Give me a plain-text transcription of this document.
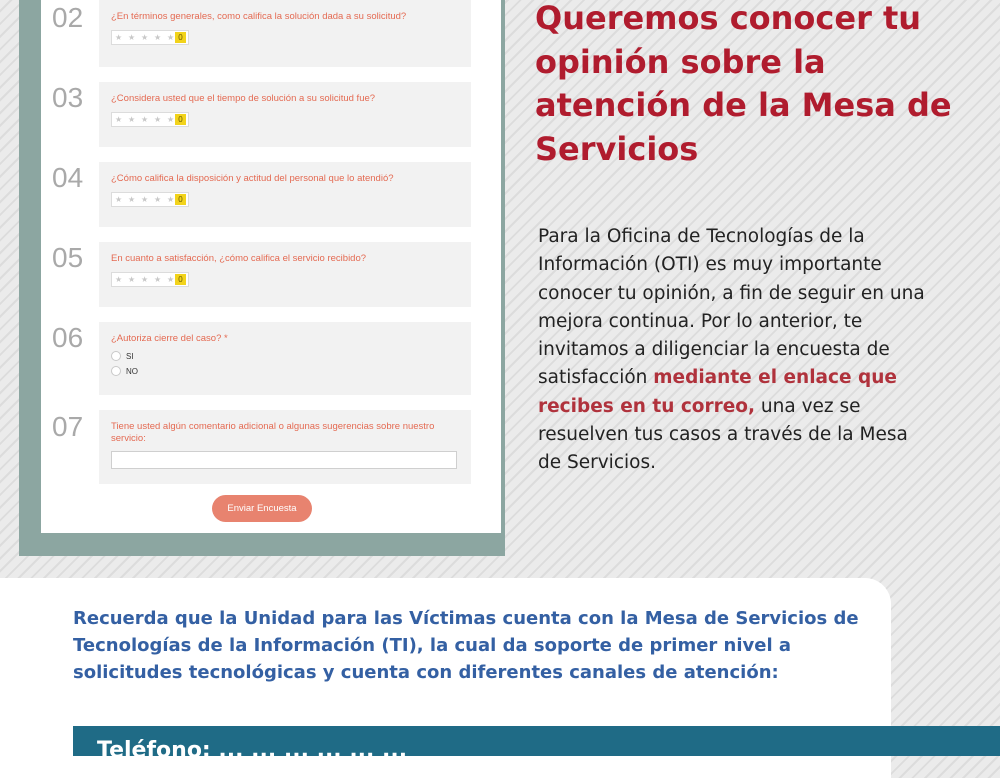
02	¿En términos generales, como califica la solución dada a su solicitud?
★ ★ ★ ★ ★ 0
03	¿Considera usted que el tiempo de solución a su solicitud fue?
★ ★ ★ ★ ★ 0
04	¿Cómo califica la disposición y actitud del personal que lo atendió?
★ ★ ★ ★ ★ 0
05	En cuanto a satisfacción, ¿cómo califica el servicio recibido?
★ ★ ★ ★ ★ 0
06	¿Autoriza cierre del caso? *
SI
NO
07	Tiene usted algún comentario adicional o algunas sugerencias sobre nuestro servicio:
Enviar Encuesta
Queremos conocer tu opinión sobre la atención de la Mesa de Servicios
Para la Oficina de Tecnologías de la Información (OTI) es muy importante conocer tu opinión, a fin de seguir en una mejora continua. Por lo anterior, te invitamos a diligenciar la encuesta de satisfacción mediante el enlace que recibes en tu correo, una vez se resuelven tus casos a través de la Mesa de Servicios.
Recuerda que la Unidad para las Víctimas cuenta con la Mesa de Servicios de Tecnologías de la Información (TI), la cual da soporte de primer nivel a solicitudes tecnológicas y cuenta con diferentes canales de atención:
Teléfono: ... ... ... ... ... ...
